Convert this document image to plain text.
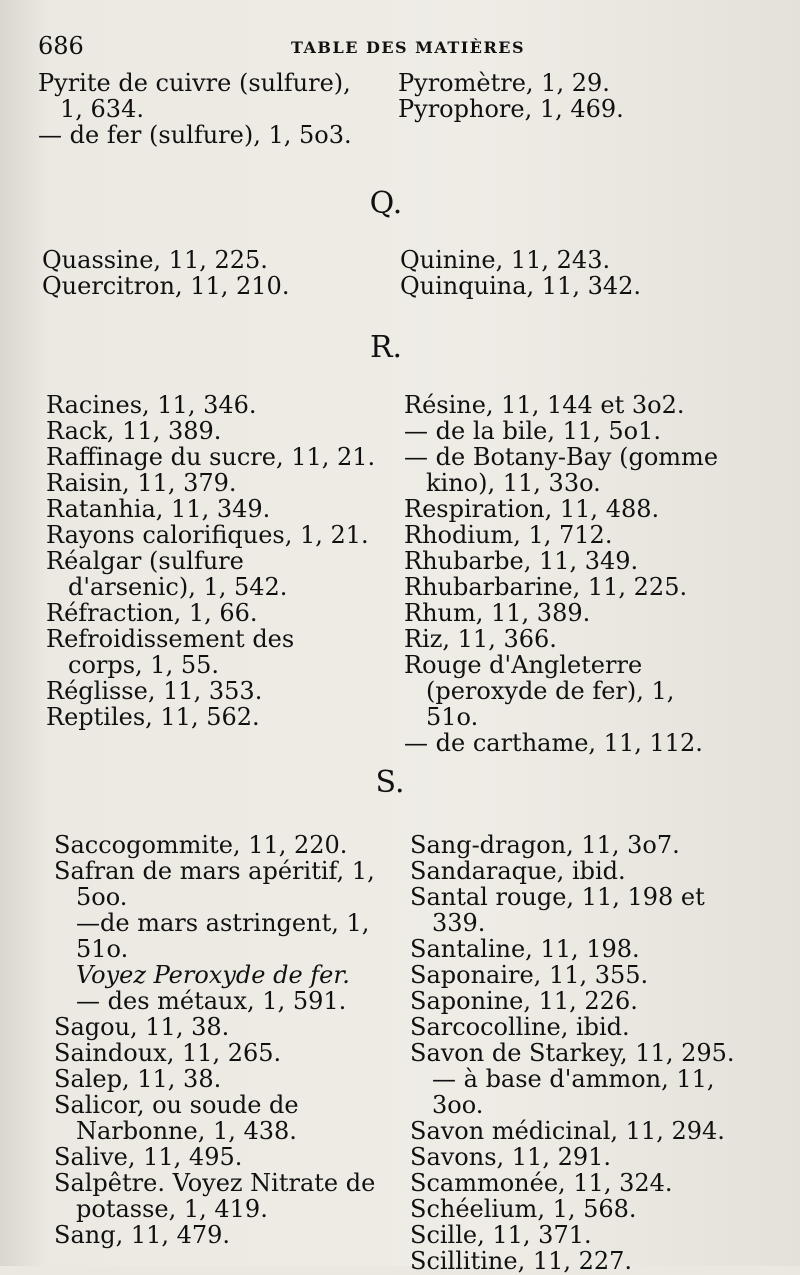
686	TABLE DES MATIÈRES
Pyrite de cuivre (sulfure), 1, 634.
— de fer (sulfure), 1, 5o3.
Pyromètre, 1, 29.
Pyrophore, 1, 469.
Q.
Quassine, 11, 225.
Quercitron, 11, 210.
Quinine, 11, 243.
Quinquina, 11, 342.
R.
Racines, 11, 346.
Rack, 11, 389.
Raffinage du sucre, 11, 21.
Raisin, 11, 379.
Ratanhia, 11, 349.
Rayons calorifiques, 1, 21.
Réalgar (sulfure d'arsenic), 1, 542.
Réfraction, 1, 66.
Refroidissement des corps, 1, 55.
Réglisse, 11, 353.
Reptiles, 11, 562.
Résine, 11, 144 et 3o2.
— de la bile, 11, 5o1.
— de Botany-Bay (gomme kino), 11, 33o.
Respiration, 11, 488.
Rhodium, 1, 712.
Rhubarbe, 11, 349.
Rhubarbarine, 11, 225.
Rhum, 11, 389.
Riz, 11, 366.
Rouge d'Angleterre (peroxyde de fer), 1, 51o.
— de carthame, 11, 112.
S.
Saccogommite, 11, 220.
Safran de mars apéritif, 1, 5oo.
—de mars astringent, 1, 51o.
Voyez Peroxyde de fer.
— des métaux, 1, 591.
Sagou, 11, 38.
Saindoux, 11, 265.
Salep, 11, 38.
Salicor, ou soude de Narbonne, 1, 438.
Salive, 11, 495.
Salpêtre. Voyez Nitrate de potasse, 1, 419.
Sang, 11, 479.
Sang-dragon, 11, 3o7.
Sandaraque, ibid.
Santal rouge, 11, 198 et 339.
Santaline, 11, 198.
Saponaire, 11, 355.
Saponine, 11, 226.
Sarcocolline, ibid.
Savon de Starkey, 11, 295.
— à base d'ammon, 11, 3oo.
Savon médicinal, 11, 294.
Savons, 11, 291.
Scammonée, 11, 324.
Schéelium, 1, 568.
Scille, 11, 371.
Scillitine, 11, 227.
